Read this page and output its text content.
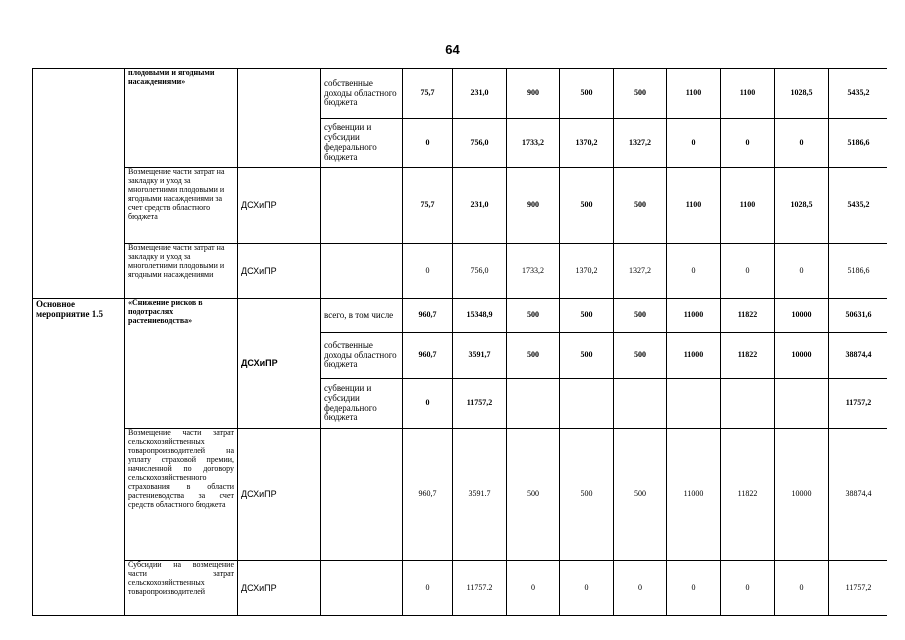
64
	плодовыми и ягодными насаждениями»		собственные доходы областного бюджета	75,7	231,0	900	500	500	1100	1100	1028,5	5435,2
			субвенции и субсидии федерального бюджета	0	756,0	1733,2	1370,2	1327,2	0	0	0	5186,6
	Возмещение части затрат на закладку и уход за многолетними плодовыми и ягодными насаждениями за счет средств областного бюджета	ДСХиПР		75,7	231,0	900	500	500	1100	1100	1028,5	5435,2
	Возмещение части затрат на закладку и уход за многолетними плодовыми и ягодными насаждениями	ДСХиПР		0	756,0	1733,2	1370,2	1327,2	0	0	0	5186,6
Основное мероприятие 1.5	«Снижение рисков в подотраслях растениеводства»	ДСХиПР	всего, в том числе	960,7	15348,9	500	500	500	11000	11822	10000	50631,6
			собственные доходы областного бюджета	960,7	3591,7	500	500	500	11000	11822	10000	38874,4
			субвенции и субсидии федерального бюджета	0	11757,2							11757,2
	Возмещение части затрат сельскохозяйственных товаропроизводителей на уплату страховой премии, начисленной по договору сельскохозяйственного страхования в области растениеводства за счет средств областного бюджета	ДСХиПР		960,7	3591.7	500	500	500	11000	11822	10000	38874,4
	Субсидии на возмещение части затрат сельскохозяйственных товаропроизводителей	ДСХиПР		0	11757.2	0	0	0	0	0	0	11757,2
